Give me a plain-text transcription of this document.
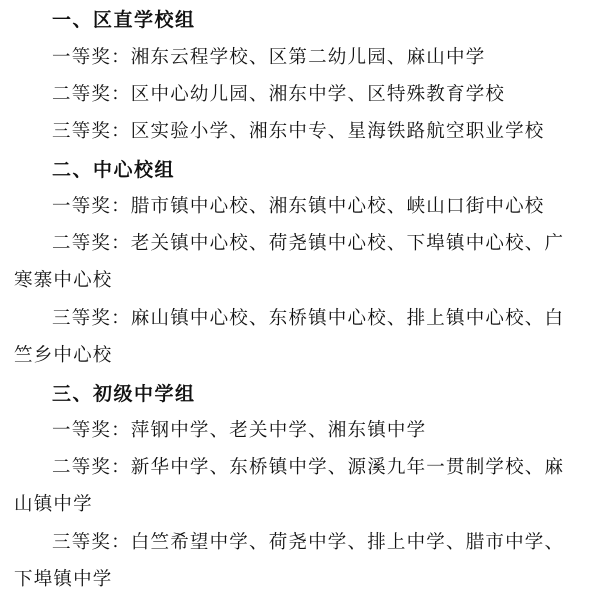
一、区直学校组
一等奖：湘东云程学校、区第二幼儿园、麻山中学
二等奖：区中心幼儿园、湘东中学、区特殊教育学校
三等奖：区实验小学、湘东中专、星海铁路航空职业学校
二、中心校组
一等奖：腊市镇中心校、湘东镇中心校、峡山口街中心校
二等奖：老关镇中心校、荷尧镇中心校、下埠镇中心校、广
寒寨中心校
三等奖：麻山镇中心校、东桥镇中心校、排上镇中心校、白
竺乡中心校
三、初级中学组
一等奖：萍钢中学、老关中学、湘东镇中学
二等奖：新华中学、东桥镇中学、源溪九年一贯制学校、麻
山镇中学
三等奖：白竺希望中学、荷尧中学、排上中学、腊市中学、
下埠镇中学
